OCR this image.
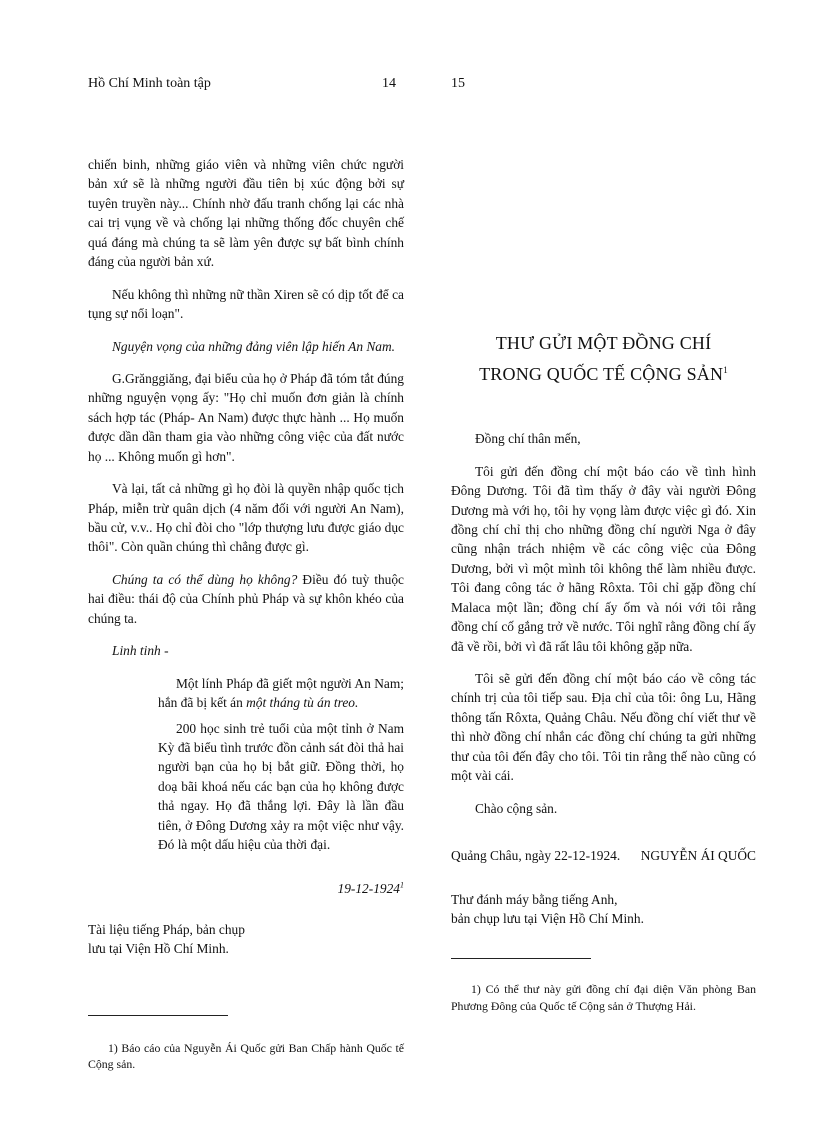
Hồ Chí Minh toàn tập	14	15

chiến binh, những giáo viên và những viên chức người bản xứ sẽ là những người đầu tiên bị xúc động bởi sự tuyên truyền này... Chính nhờ đấu tranh chống lại các nhà cai trị vụng về và chống lại những thống đốc chuyên chế quá đáng mà chúng ta sẽ làm yên được sự bất bình chính đáng của người bản xứ.

Nếu không thì những nữ thần Xiren sẽ có dịp tốt để ca tụng sự nổi loạn".

Nguyện vọng của những đảng viên lập hiến An Nam.

G.Grănggiăng, đại biểu của họ ở Pháp đã tóm tắt đúng những nguyện vọng ấy: "Họ chỉ muốn đơn giản là chính sách hợp tác (Pháp- An Nam) được thực hành ... Họ muốn được dần dần tham gia vào những công việc của đất nước họ ... Không muốn gì hơn".

Và lại, tất cả những gì họ đòi là quyền nhập quốc tịch Pháp, miễn trừ quân dịch (4 năm đối với người An Nam), bầu cử, v.v.. Họ chỉ đòi cho "lớp thượng lưu được giáo dục thôi". Còn quần chúng thì chẳng được gì.

Chúng ta có thể dùng họ không? Điều đó tuỳ thuộc hai điều: thái độ của Chính phủ Pháp và sự khôn khéo của chúng ta.

Linh tinh -

Một lính Pháp đã giết một người An Nam; hắn đã bị kết án một tháng tù án treo.

200 học sinh trẻ tuổi của một tỉnh ở Nam Kỳ đã biểu tình trước đồn cảnh sát đòi thả hai người bạn của họ bị bắt giữ. Đồng thời, họ doạ bãi khoá nếu các bạn của họ không được thả ngay. Họ đã thắng lợi. Đây là lần đầu tiên, ở Đông Dương xảy ra một việc như vậy. Đó là một dấu hiệu của thời đại.

19-12-1924$^1$

Tài liệu tiếng Pháp, bản chụp

lưu tại Viện Hồ Chí Minh.

1) Báo cáo của Nguyễn Ái Quốc gửi Ban Chấp hành Quốc tế Cộng sản.

THƯ GỬI MỘT ĐỒNG CHÍ
TRONG QUỐC TẾ CỘNG SẢN$^1$

Đồng chí thân mến,

Tôi gửi đến đồng chí một báo cáo về tình hình Đông Dương. Tôi đã tìm thấy ở đây vài người Đông Dương mà với họ, tôi hy vọng làm được việc gì đó. Xin đồng chí chỉ thị cho những đồng chí người Nga ở đây cũng nhận trách nhiệm về các công việc của Đông Dương, bởi vì một mình tôi không thể làm nhiều được. Tôi đang công tác ở hãng Rôxta. Tôi chỉ gặp đồng chí Malaca một lần; đồng chí ấy ốm và nói với tôi rằng đồng chí cố gắng trở về nước. Tôi nghĩ rằng đồng chí ấy đã về rồi, bởi vì đã rất lâu tôi không gặp nữa.

Tôi sẽ gửi đến đồng chí một báo cáo về công tác chính trị của tôi tiếp sau. Địa chỉ của tôi: ông Lu, Hãng thông tấn Rôxta, Quảng Châu. Nếu đồng chí viết thư về thì nhờ đồng chí nhắn các đồng chí chúng ta gửi những thư của tôi đến đây cho tôi. Tôi tin rằng thế nào cũng có một vài cái.

Chào cộng sản.

Quảng Châu, ngày 22-12-1924. NGUYỄN ÁI QUỐC

Thư đánh máy bằng tiếng Anh,

bản chụp lưu tại Viện Hồ Chí Minh.

1) Có thể thư này gửi đồng chí đại diện Văn phòng Ban Phương Đông của Quốc tế Cộng sản ở Thượng Hải.
